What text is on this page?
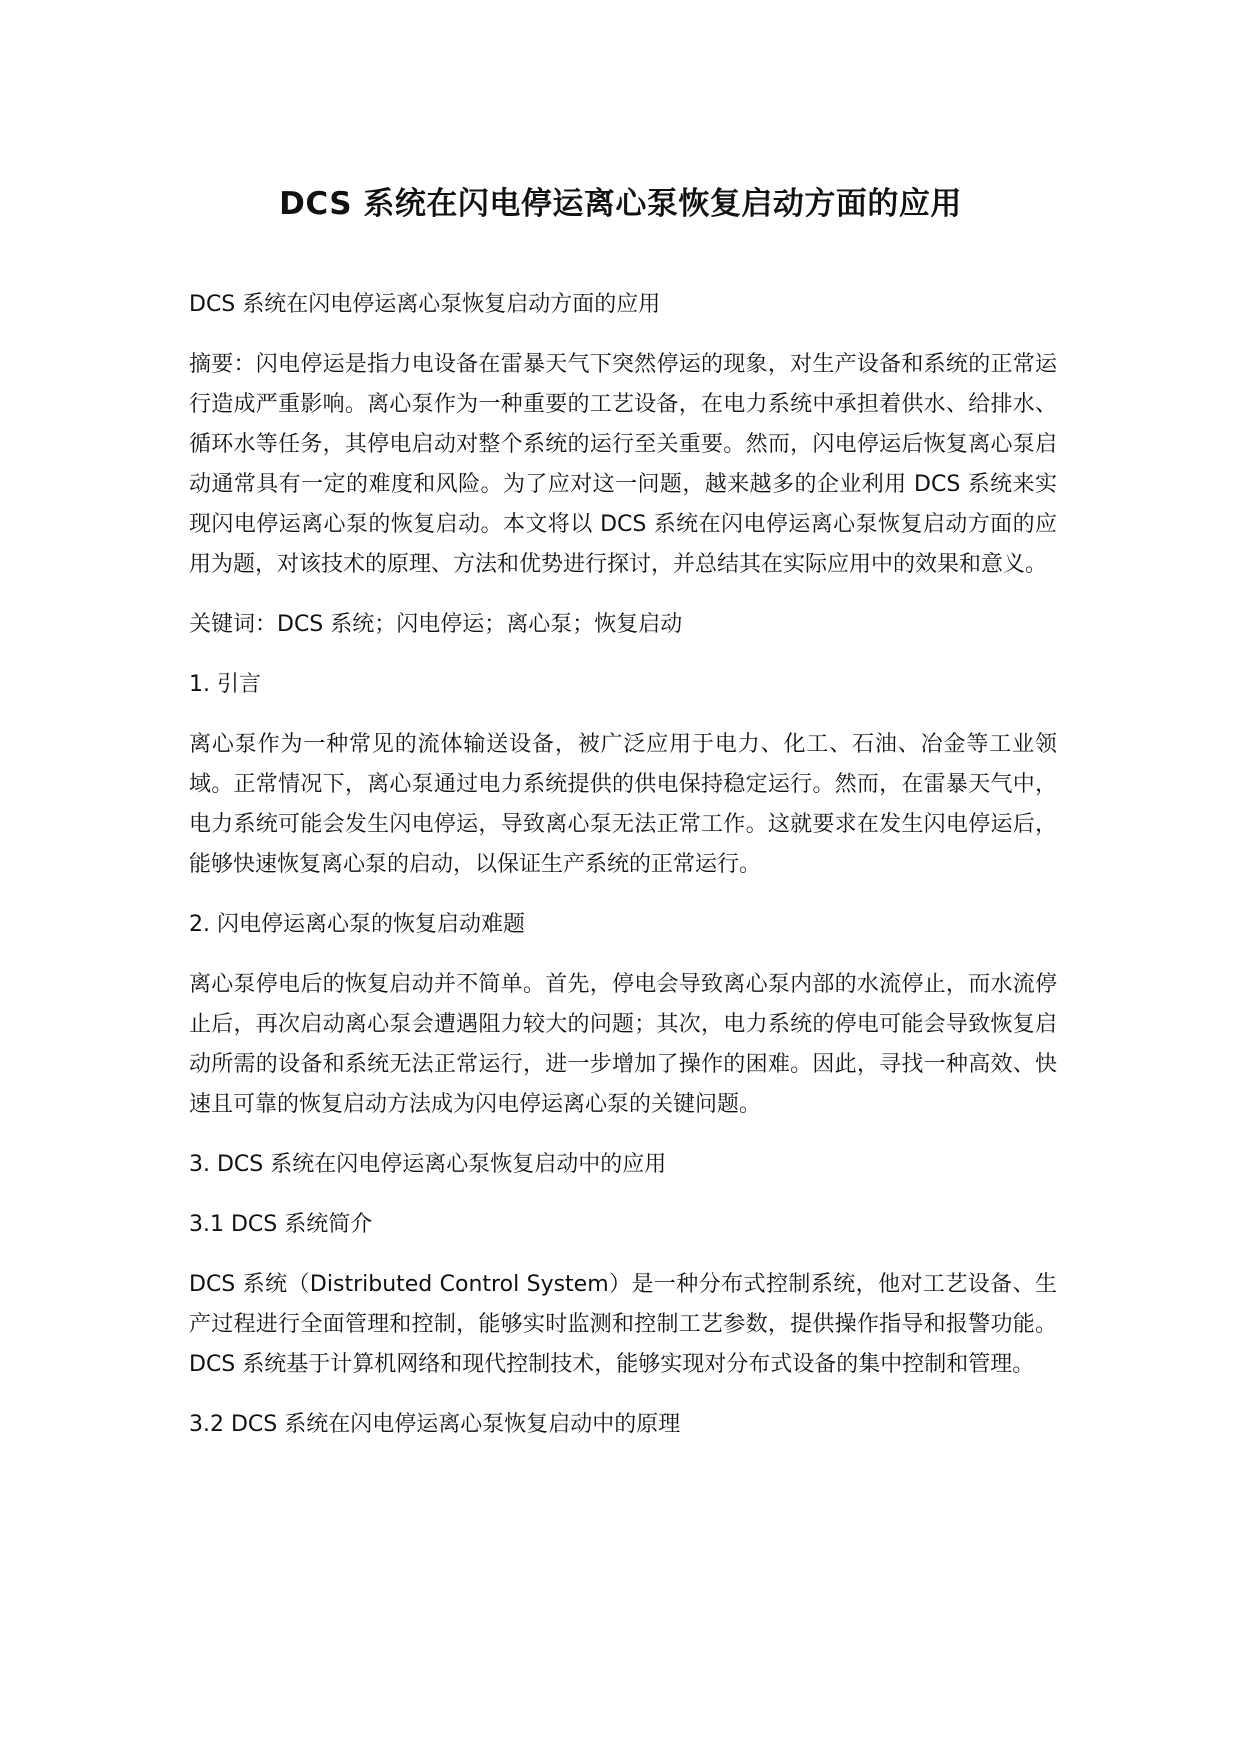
DCS 系统在闪电停运离心泵恢复启动方面的应用

DCS 系统在闪电停运离心泵恢复启动方面的应用

摘要：闪电停运是指力电设备在雷暴天气下突然停运的现象，对生产设备和系统的正常运行造成严重影响。离心泵作为一种重要的工艺设备，在电力系统中承担着供水、给排水、循环水等任务，其停电启动对整个系统的运行至关重要。然而，闪电停运后恢复离心泵启动通常具有一定的难度和风险。为了应对这一问题，越来越多的企业利用 DCS 系统来实现闪电停运离心泵的恢复启动。本文将以 DCS 系统在闪电停运离心泵恢复启动方面的应用为题，对该技术的原理、方法和优势进行探讨，并总结其在实际应用中的效果和意义。

关键词：DCS 系统；闪电停运；离心泵；恢复启动

1. 引言

离心泵作为一种常见的流体输送设备，被广泛应用于电力、化工、石油、冶金等工业领域。正常情况下，离心泵通过电力系统提供的供电保持稳定运行。然而，在雷暴天气中，电力系统可能会发生闪电停运，导致离心泵无法正常工作。这就要求在发生闪电停运后，能够快速恢复离心泵的启动，以保证生产系统的正常运行。

2. 闪电停运离心泵的恢复启动难题

离心泵停电后的恢复启动并不简单。首先，停电会导致离心泵内部的水流停止，而水流停止后，再次启动离心泵会遭遇阻力较大的问题；其次，电力系统的停电可能会导致恢复启动所需的设备和系统无法正常运行，进一步增加了操作的困难。因此，寻找一种高效、快速且可靠的恢复启动方法成为闪电停运离心泵的关键问题。

3. DCS 系统在闪电停运离心泵恢复启动中的应用

3.1 DCS 系统简介

DCS 系统（Distributed Control System）是一种分布式控制系统，他对工艺设备、生产过程进行全面管理和控制，能够实时监测和控制工艺参数，提供操作指导和报警功能。DCS 系统基于计算机网络和现代控制技术，能够实现对分布式设备的集中控制和管理。

3.2 DCS 系统在闪电停运离心泵恢复启动中的原理
